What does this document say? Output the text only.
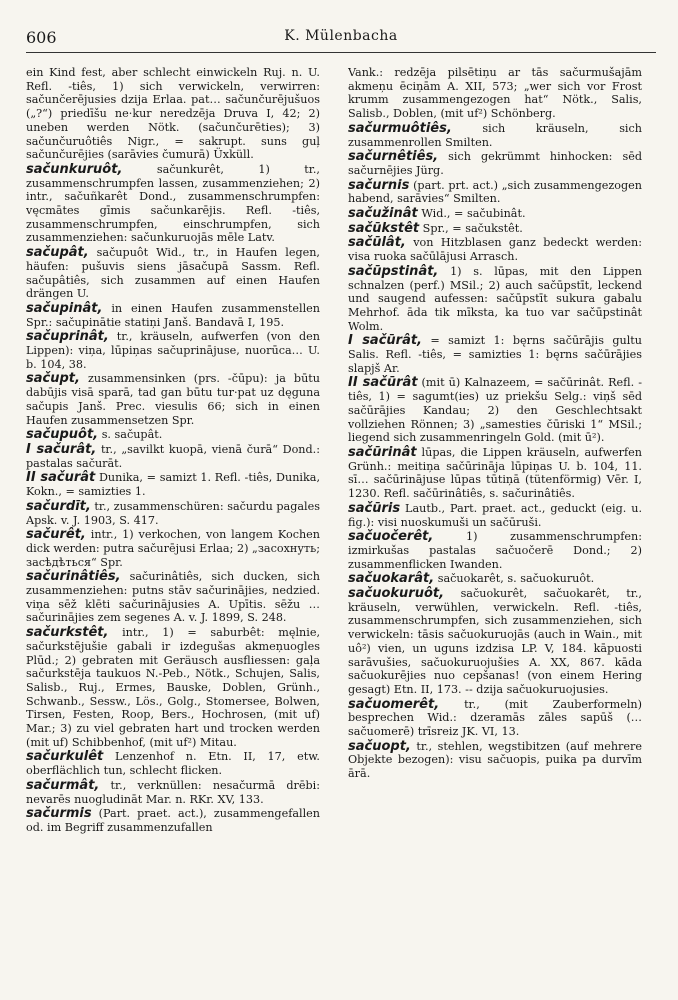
606	K. Mülenbacha

ein Kind fest, aber schlecht einwickeln Ruj. n. U. Refl. -tiês, 1) sich verwickeln, verwirren: sačunčerējusies dzija Erlaa. pat… sačunčurējušuos („?“) priedīšu ne·kur neredzēja Druva I, 42; 2) uneben werden Nötk. (sačunčurēties); 3) sačunčuruôtiês Nigr., = sakrupt. suns guļ sačunčurējies (sarāvies čumurā) Üxküll.

sačunkuruôt,	sačunkurêt, 1) tr., zusammenschrumpfen lassen, zusammenziehen; 2) intr., sačuñkarêt Dond., zusammenschrumpfen: vęcmātes gīmis sačunkarējis. Refl. -tiês, zusammenschrumpfen, einschrumpfen, sich zusammenziehen: sačunkuruojās mēle Latv.

sačupât, sačupuôt Wid., tr., in Haufen legen, häufen: pušuvis siens jāsačupā Sassm. Refl. sačupâtiês, sich zusammen auf einen Haufen drängen U.

sačupinât, in einen Haufen zusammenstellen Spr.: sačupinātie statiņi Janš. Bandavā I, 195.

sačuprinât, tr., kräuseln, aufwerfen (von den Lippen): viņa, lūpiņas sačuprinājuse, nuorūca… U. b. 104, 38.

sačupt, zusammensinken (prs. -čūpu): ja būtu dabūjis visā sparā, tad gan būtu tur·pat uz dęguna sačupis Janš. Prec. viesulis 66; sich in einen Haufen zusammensetzen Spr.

sačupuôt, s. sačupât.

I sačurât, tr., „savilkt kuopā, vienā čurā“ Dond.: pastalas sačurāt.

II sačurât Dunika, = samizt 1. Refl. -tiês, Dunika, Kokn., = samizties 1.

sačurdīt, tr., zusammenschüren: sačurdu pagales Apsk. v. J. 1903, S. 417.

sačurêt, intr., 1) verkochen, von langem Kochen dick werden: putra sačurējusi Erlaa; 2) „засохнуть; засѣдѣться“ Spr.

sačurinâtiês, sačurinâtiês, sich ducken, sich zusammenziehen: putns stāv sačurinājies, nedzied. viņa sēž klēti sačurinājusies A. Upītis. sēžu … sačurinājies zem segenes A. v. J. 1899, S. 248.

sačurkstêt, intr., 1) = saburbêt: męlnie, sačurkstējušie gabali ir izdegušas akmeņuogles Plūd.; 2) gebraten mit Geräusch ausfliessen: gaļa sačurkstēja taukuos N.-Peb., Nötk., Schujen, Salis, Salisb., Ruj., Ermes, Bauske, Doblen, Grünh., Schwanb., Sessw., Lös., Golg., Stomersee, Bolwen, Tirsen, Festen, Roop, Bers., Hochrosen, (mit uf) Mar.; 3) zu viel gebraten hart und trocken werden (mit uf) Schibbenhof, (mit uf²) Mitau.

sačurkulêt Lenzenhof n. Etn. II, 17, etw. oberflächlich tun, schlecht flicken.

sačurmât, tr., verknüllen: nesačurmā drēbi: nevarēs nuogludināt Mar. n. RKr. XV, 133.

sačurmis (Part. praet. act.), zusammengefallen od. im Begriff zusammenzufallen

Vank.: redzēja pilsētiņu ar tās sačurmušajām akmeņu ēciņām A. XII, 573; „wer sich vor Frost krumm zusammengezogen hat“ Nötk., Salis, Salisb., Doblen, (mit uf²) Schönberg.

sačurmuôtiês,	sich kräuseln, sich zusammenrollen Smilten.

sačurnêtiês, sich gekrümmt hinhocken: sēd sačurnējies Jürg.

sačurnis (part. prt. act.) „sich zusammengezogen habend, sarāvies“ Smilten.

sačužinât Wid., = sačubinât.

sačūkstêt Spr., = sačukstêt.

sačūlât, von Hitzblasen ganz bedeckt werden: visa ruoka sačūlājusi Arrasch.

sačūpstinât, 1) s. lūpas, mit den Lippen schnalzen (perf.) MSil.; 2) auch sačūpstīt, leckend und saugend aufessen: sačūpstīt sukura gabalu Mehrhof. āda tik mīksta, ka tuo var sačūpstinât Wolm.

I sačūrât, = samizt 1: bęrns sačūrājis gultu Salis. Refl. -tiês, = samizties 1: bęrns sačūrājies slapjš Ar.

II sačūrât (mit ū) Kalnazeem, = sačūrinât. Refl. -tiês, 1) = sagumt(ies) uz priekšu Selg.: viņš sēd sačūrājies Kandau; 2) den Geschlechtsakt vollziehen Rönnen; 3) „samesties čūriski 1“ MSil.; liegend sich zusammenringeln Gold. (mit ū²).

sačūrinât lūpas, die Lippen kräuseln, aufwerfen Grünh.: meitiņa sačūrināja lūpiņas U. b. 104, 11. sī… sačūrinājuse lūpas tūtiņā (tütenförmig) Vēr. I, 1230. Refl. sačūrinâtiês, s. sačurinâtiês.

sačūris Lautb., Part. praet. act., geduckt (eig. u. fig.): visi nuoskumuši un sačūruši.

sačuočerêt,	1) zusammenschrumpfen: izmirkušas pastalas sačuočerē Dond.; 2) zusammenflicken Iwanden.

sačuokarât, sačuokarêt, s. sačuokuruôt.

sačuokuruôt, sačuokurêt, sačuokarêt, tr., kräuseln, verwühlen, verwickeln. Refl. -tiês, zusammenschrumpfen, sich zusammenziehen, sich verwickeln: tāsis sačuokuruojās (auch in Wain., mit uô²) vien, un uguns izdzisa LP. V, 184. kāpuosti sarāvušies, sačuokuruojušies A. XX, 867. kāda sačuokurējies nuo cepšanas! (von einem Hering gesagt) Etn. II, 173. -- dzija sačuokuruojusies.

sačuomerêt, tr., (mit Zauberformeln) besprechen Wid.: dzeramās zāles sapūš (…sačuomerē) trīsreiz JK. VI, 13.

sačuopt, tr., stehlen, wegstibitzen (auf mehrere Objekte bezogen): visu sačuopis, puika pa durvīm ārā.
